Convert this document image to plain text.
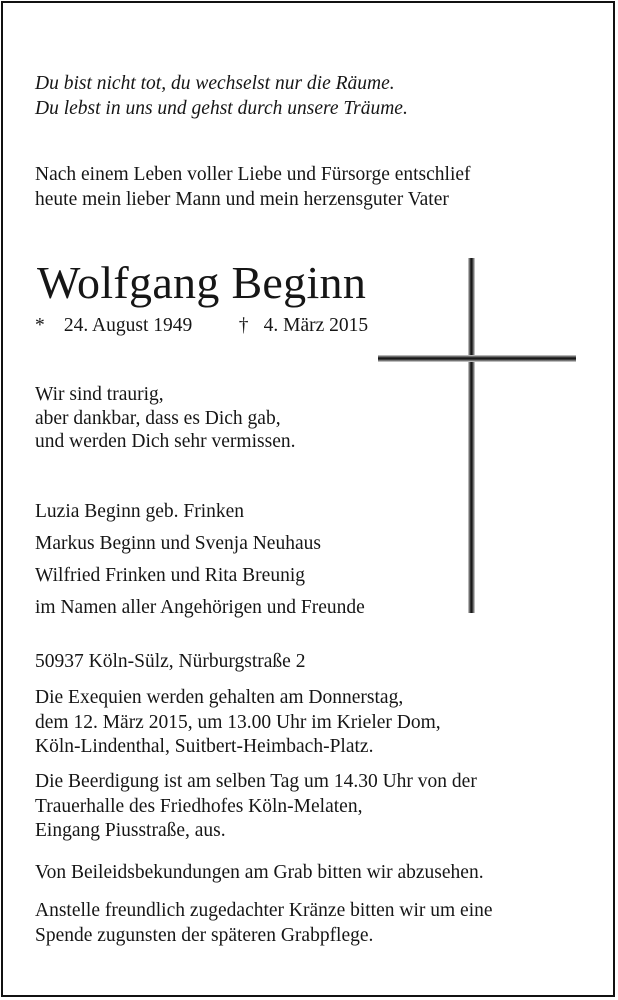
Du bist nicht tot, du wechselst nur die Räume.
Du lebst in uns und gehst durch unsere Träume.
Nach einem Leben voller Liebe und Fürsorge entschlief
heute mein lieber Mann und mein herzensguter Vater
Wolfgang Beginn
* 24. August 1949 † 4. März 2015
Wir sind traurig,
aber dankbar, dass es Dich gab,
und werden Dich sehr vermissen.
Luzia Beginn geb. Frinken
Markus Beginn und Svenja Neuhaus
Wilfried Frinken und Rita Breunig
im Namen aller Angehörigen und Freunde
50937 Köln-Sülz, Nürburgstraße 2
Die Exequien werden gehalten am Donnerstag,
dem 12. März 2015, um 13.00 Uhr im Krieler Dom,
Köln-Lindenthal, Suitbert-Heimbach-Platz.
Die Beerdigung ist am selben Tag um 14.30 Uhr von der
Trauerhalle des Friedhofes Köln-Melaten,
Eingang Piusstraße, aus.
Von Beileidsbekundungen am Grab bitten wir abzusehen.
Anstelle freundlich zugedachter Kränze bitten wir um eine
Spende zugunsten der späteren Grabpflege.
